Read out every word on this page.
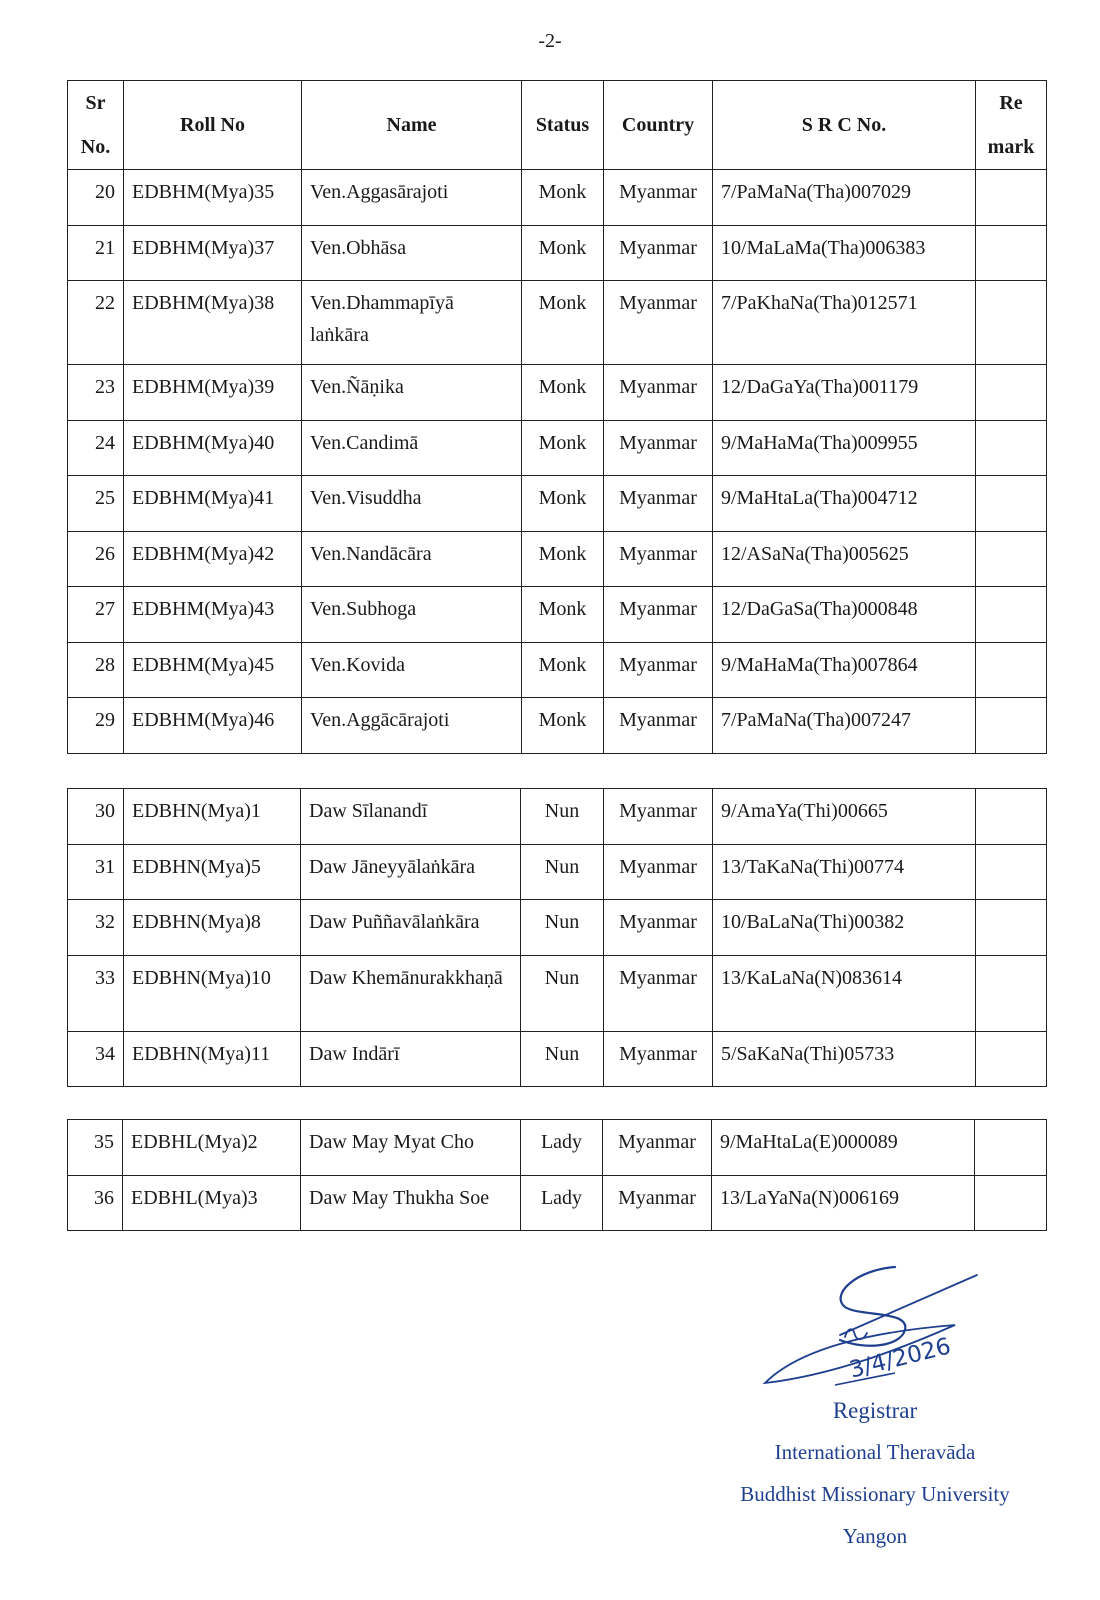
-2-
Sr
No.	Roll No	Name	Status	Country	S R C No.	Re
mark
20	EDBHM(Mya)35	Ven.Aggasārajoti	Monk	Myanmar	7/PaMaNa(Tha)007029	
21	EDBHM(Mya)37	Ven.Obhāsa	Monk	Myanmar	10/MaLaMa(Tha)006383	
22	EDBHM(Mya)38	Ven.Dhammapīyā laṅkāra	Monk	Myanmar	7/PaKhaNa(Tha)012571	
23	EDBHM(Mya)39	Ven.Ñāṇika	Monk	Myanmar	12/DaGaYa(Tha)001179	
24	EDBHM(Mya)40	Ven.Candimā	Monk	Myanmar	9/MaHaMa(Tha)009955	
25	EDBHM(Mya)41	Ven.Visuddha	Monk	Myanmar	9/MaHtaLa(Tha)004712	
26	EDBHM(Mya)42	Ven.Nandācāra	Monk	Myanmar	12/ASaNa(Tha)005625	
27	EDBHM(Mya)43	Ven.Subhoga	Monk	Myanmar	12/DaGaSa(Tha)000848	
28	EDBHM(Mya)45	Ven.Kovida	Monk	Myanmar	9/MaHaMa(Tha)007864	
29	EDBHM(Mya)46	Ven.Aggācārajoti	Monk	Myanmar	7/PaMaNa(Tha)007247	
30	EDBHN(Mya)1	Daw Sīlanandī	Nun	Myanmar	9/AmaYa(Thi)00665	
31	EDBHN(Mya)5	Daw Jāneyyālaṅkāra	Nun	Myanmar	13/TaKaNa(Thi)00774	
32	EDBHN(Mya)8	Daw Puññavālaṅkāra	Nun	Myanmar	10/BaLaNa(Thi)00382	
33	EDBHN(Mya)10	Daw Khemānurakkhaṇā	Nun	Myanmar	13/KaLaNa(N)083614	
34	EDBHN(Mya)11	Daw Indārī	Nun	Myanmar	5/SaKaNa(Thi)05733	
35	EDBHL(Mya)2	Daw May Myat Cho	Lady	Myanmar	9/MaHtaLa(E)000089	
36	EDBHL(Mya)3	Daw May Thukha Soe	Lady	Myanmar	13/LaYaNa(N)006169	
3/4/2026
Registrar
International Theravāda
Buddhist Missionary University
Yangon
